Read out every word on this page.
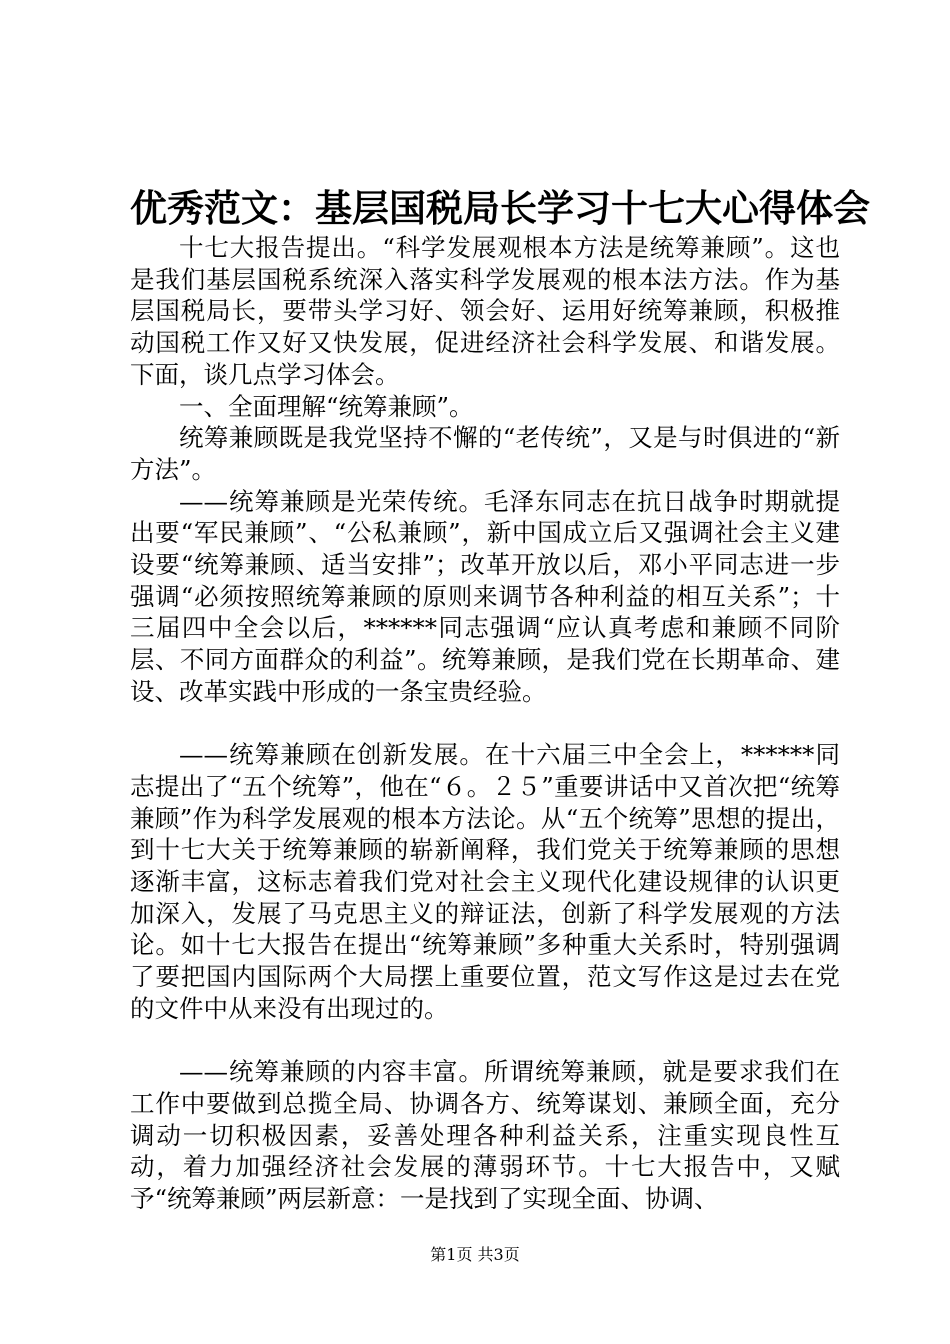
优秀范文：基层国税局长学习十七大心得体会

十七大报告提出。“科学发展观根本方法是统筹兼顾”。这也是我们基层国税系统深入落实科学发展观的根本法方法。作为基层国税局长，要带头学习好、领会好、运用好统筹兼顾，积极推动国税工作又好又快发展，促进经济社会科学发展、和谐发展。下面，谈几点学习体会。

一、全面理解“统筹兼顾”。

统筹兼顾既是我党坚持不懈的“老传统”，又是与时俱进的“新方法”。

——统筹兼顾是光荣传统。毛泽东同志在抗日战争时期就提出要“军民兼顾”、“公私兼顾”，新中国成立后又强调社会主义建设要“统筹兼顾、适当安排”；改革开放以后，邓小平同志进一步强调“必须按照统筹兼顾的原则来调节各种利益的相互关系”；十三届四中全会以后，******同志强调“应认真考虑和兼顾不同阶层、不同方面群众的利益”。统筹兼顾，是我们党在长期革命、建设、改革实践中形成的一条宝贵经验。

——统筹兼顾在创新发展。在十六届三中全会上，******同志提出了“五个统筹”，他在“６。２５”重要讲话中又首次把“统筹兼顾”作为科学发展观的根本方法论。从“五个统筹”思想的提出，到十七大关于统筹兼顾的崭新阐释，我们党关于统筹兼顾的思想逐渐丰富，这标志着我们党对社会主义现代化建设规律的认识更加深入，发展了马克思主义的辩证法，创新了科学发展观的方法论。如十七大报告在提出“统筹兼顾”多种重大关系时，特别强调了要把国内国际两个大局摆上重要位置，范文写作这是过去在党的文件中从来没有出现过的。

——统筹兼顾的内容丰富。所谓统筹兼顾，就是要求我们在工作中要做到总揽全局、协调各方、统筹谋划、兼顾全面，充分调动一切积极因素，妥善处理各种利益关系，注重实现良性互动，着力加强经济社会发展的薄弱环节。十七大报告中，又赋予“统筹兼顾”两层新意：一是找到了实现全面、协调、

第1页 共3页
